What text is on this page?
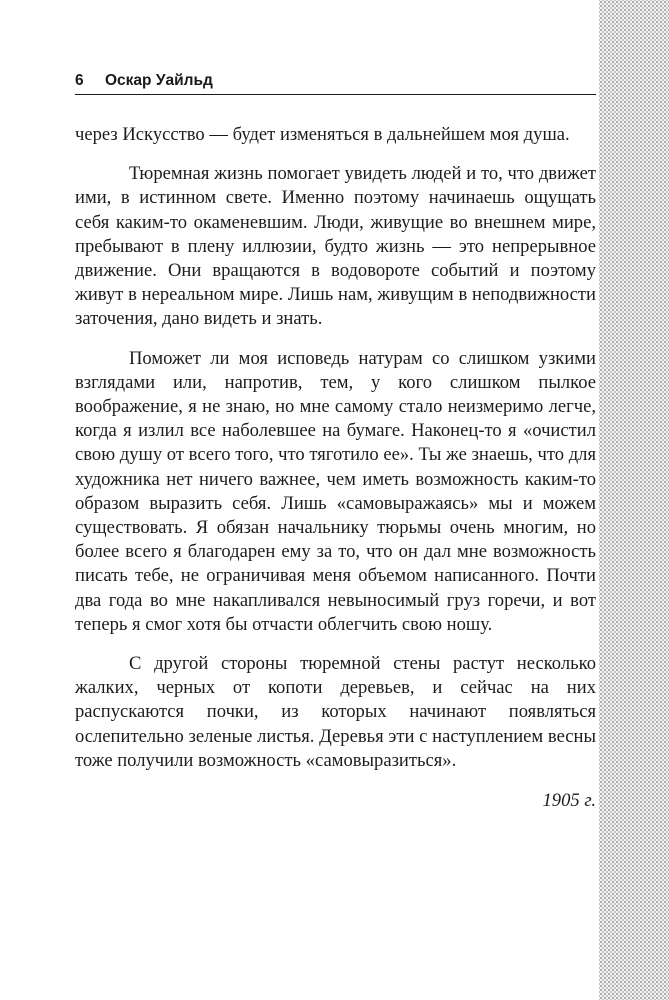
6 Оскар Уайльд

через Искусство — будет изменяться в дальнейшем моя душа.

Тюремная жизнь помогает увидеть людей и то, что движет ими, в истинном свете. Именно поэтому начинаешь ощущать себя каким-то окаменевшим. Люди, живущие во внешнем мире, пребывают в плену иллюзии, будто жизнь — это непрерывное движение. Они вращаются в водовороте событий и поэтому живут в нереальном мире. Лишь нам, живущим в неподвижности заточения, дано видеть и знать.

Поможет ли моя исповедь натурам со слишком узкими взглядами или, напротив, тем, у кого слишком пылкое воображение, я не знаю, но мне самому стало неизмеримо легче, когда я излил все наболевшее на бумаге. Наконец-то я «очистил свою душу от всего того, что тяготило ее». Ты же знаешь, что для художника нет ничего важнее, чем иметь возможность каким-то образом выразить себя. Лишь «самовыражаясь» мы и можем существовать. Я обязан начальнику тюрьмы очень многим, но более всего я благодарен ему за то, что он дал мне возможность писать тебе, не ограничивая меня объемом написанного. Почти два года во мне накапливался невыносимый груз горечи, и вот теперь я смог хотя бы отчасти облегчить свою ношу.

С другой стороны тюремной стены растут несколько жалких, черных от копоти деревьев, и сейчас на них распускаются почки, из которых начинают появляться ослепительно зеленые листья. Деревья эти с наступлением весны тоже получили возможность «самовыразиться».

1905 г.
